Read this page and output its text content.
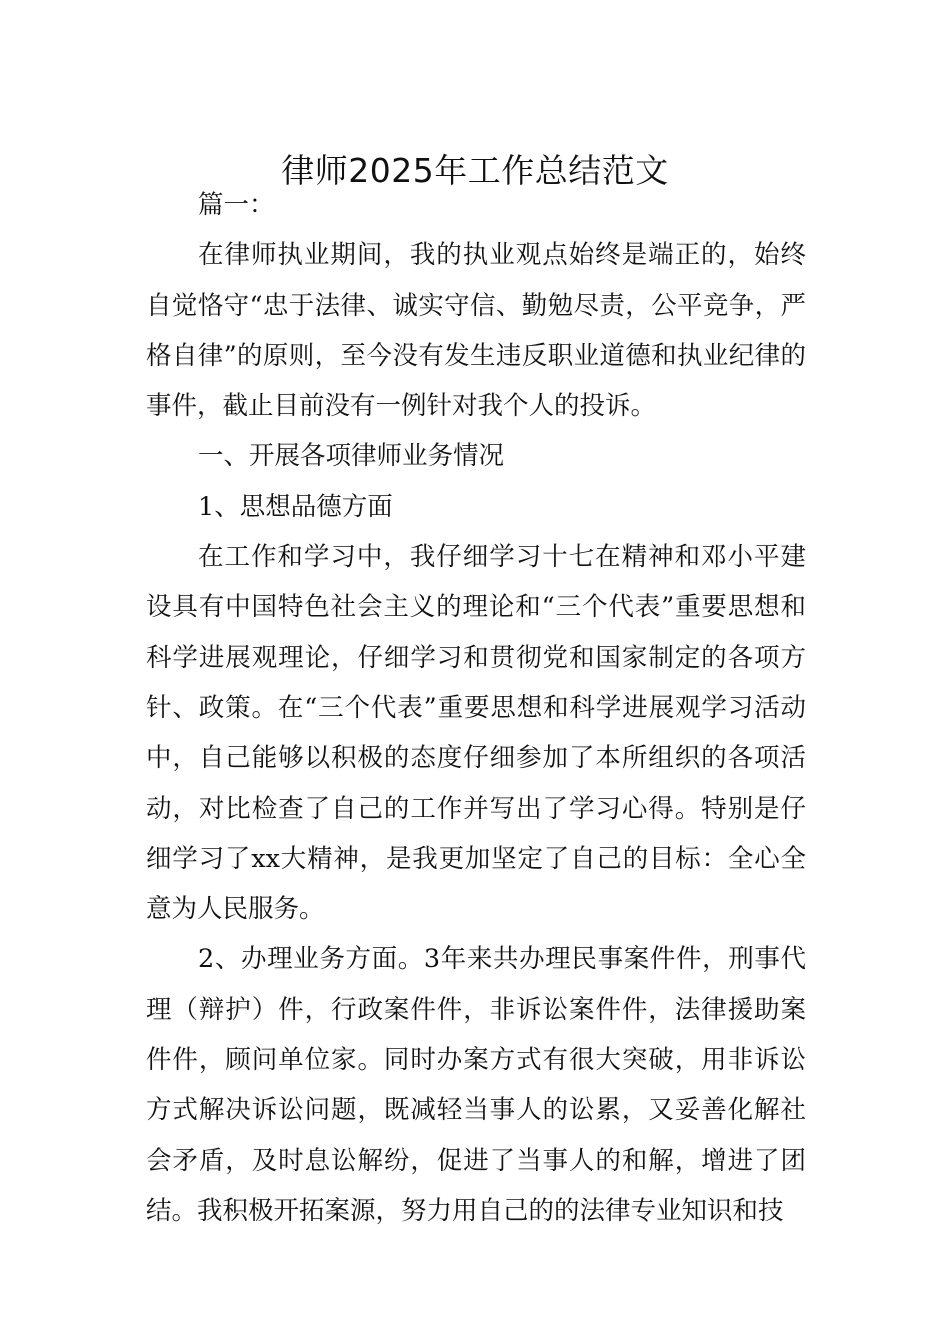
律师2025年工作总结范文

篇一：

在律师执业期间，我的执业观点始终是端正的，始终自觉恪守“忠于法律、诚实守信、勤勉尽责，公平竞争，严格自律”的原则，至今没有发生违反职业道德和执业纪律的事件，截止目前没有一例针对我个人的投诉。

一、开展各项律师业务情况

1、思想品德方面

在工作和学习中，我仔细学习十七在精神和邓小平建设具有中国特色社会主义的理论和“三个代表”重要思想和科学进展观理论，仔细学习和贯彻党和国家制定的各项方针、政策。在“三个代表”重要思想和科学进展观学习活动中，自己能够以积极的态度仔细参加了本所组织的各项活动，对比检查了自己的工作并写出了学习心得。特别是仔细学习了xx大精神，是我更加坚定了自己的目标：全心全意为人民服务。

2、办理业务方面。3年来共办理民事案件件，刑事代理（辩护）件，行政案件件，非诉讼案件件，法律援助案件件，顾问单位家。同时办案方式有很大突破，用非诉讼方式解决诉讼问题，既减轻当事人的讼累，又妥善化解社会矛盾，及时息讼解纷，促进了当事人的和解，增进了团结。我积极开拓案源，努力用自己的的法律专业知识和技
